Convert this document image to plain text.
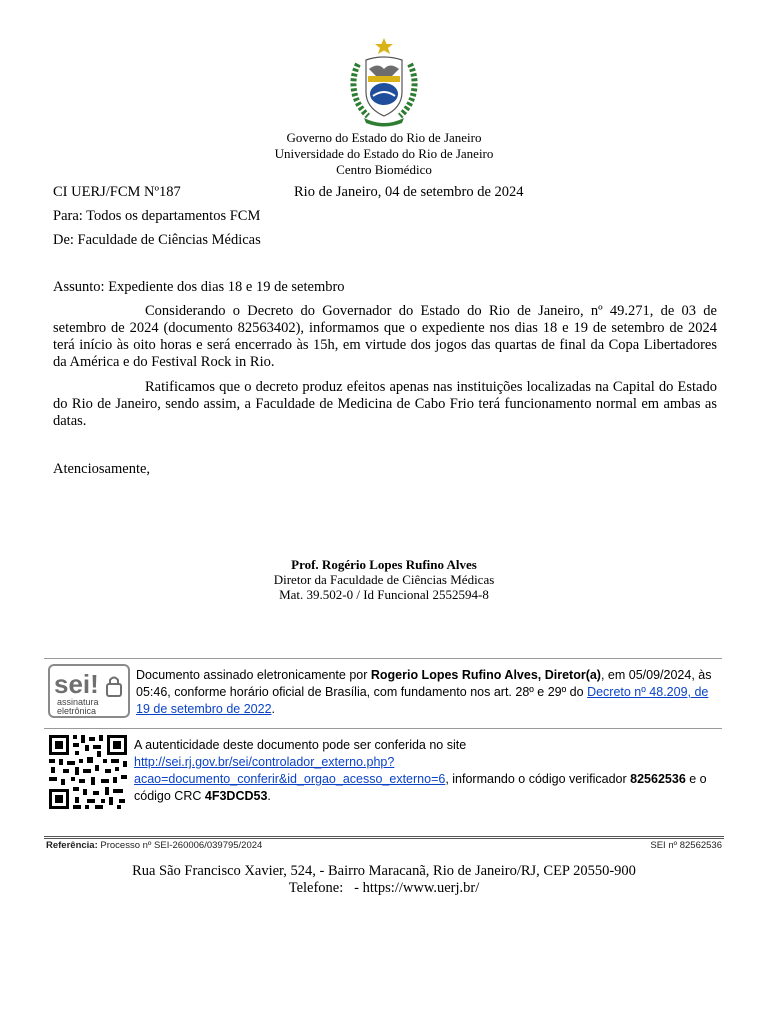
Governo do Estado do Rio de Janeiro
Universidade do Estado do Rio de Janeiro
Centro Biomédico
CI UERJ/FCM Nº187	Rio de Janeiro, 04 de setembro de 2024
Para: Todos os departamentos FCM
De: Faculdade de Ciências Médicas
Assunto: Expediente dos dias 18 e 19 de setembro
Considerando o Decreto do Governador do Estado do Rio de Janeiro, nº 49.271, de 03 de setembro de 2024 (documento 82563402), informamos que o expediente nos dias 18 e 19 de setembro de 2024 terá início às oito horas e será encerrado às 15h, em virtude dos jogos das quartas de final da Copa Libertadores da América e do Festival Rock in Rio.
Ratificamos que o decreto produz efeitos apenas nas instituições localizadas na Capital do Estado do Rio de Janeiro, sendo assim, a Faculdade de Medicina de Cabo Frio terá funcionamento normal em ambas as datas.
Atenciosamente,
Prof. Rogério Lopes Rufino Alves
Diretor da Faculdade de Ciências Médicas
Mat. 39.502-0 / Id Funcional 2552594-8
sei!
assinatura
eletrônica
Documento assinado eletronicamente por Rogerio Lopes Rufino Alves, Diretor(a), em 05/09/2024, às 05:46, conforme horário oficial de Brasília, com fundamento nos art. 28º e 29º do Decreto nº 48.209, de 19 de setembro de 2022.
A autenticidade deste documento pode ser conferida no site
http://sei.rj.gov.br/sei/controlador_externo.php?
acao=documento_conferir&id_orgao_acesso_externo=6, informando o código verificador 82562536 e o código CRC 4F3DCD53.
Referência: Processo nº SEI-260006/039795/2024	SEI nº 82562536
Rua São Francisco Xavier, 524, - Bairro Maracanã, Rio de Janeiro/RJ, CEP 20550-900
Telefone:   - https://www.uerj.br/
